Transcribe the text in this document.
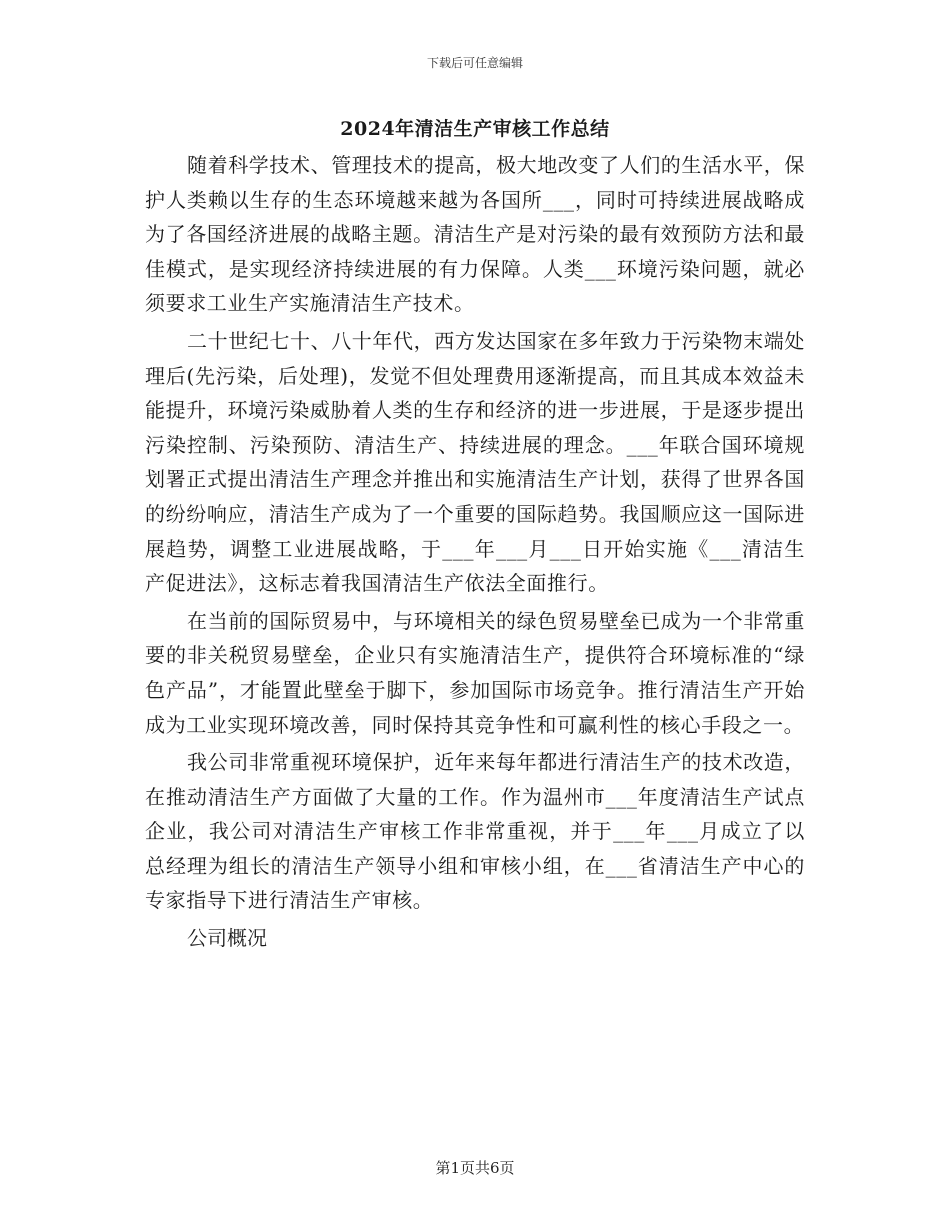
下载后可任意编辑
2024年清洁生产审核工作总结

随着科学技术、管理技术的提高，极大地改变了人们的生活水平，保护人类赖以生存的生态环境越来越为各国所___，同时可持续进展战略成为了各国经济进展的战略主题。清洁生产是对污染的最有效预防方法和最佳模式，是实现经济持续进展的有力保障。人类___环境污染问题，就必须要求工业生产实施清洁生产技术。

二十世纪七十、八十年代，西方发达国家在多年致力于污染物末端处理后(先污染，后处理)，发觉不但处理费用逐渐提高，而且其成本效益未能提升，环境污染威胁着人类的生存和经济的进一步进展，于是逐步提出污染控制、污染预防、清洁生产、持续进展的理念。___年联合国环境规划署正式提出清洁生产理念并推出和实施清洁生产计划，获得了世界各国的纷纷响应，清洁生产成为了一个重要的国际趋势。我国顺应这一国际进展趋势，调整工业进展战略，于___年___月___日开始实施《___清洁生产促进法》，这标志着我国清洁生产依法全面推行。

在当前的国际贸易中，与环境相关的绿色贸易壁垒已成为一个非常重要的非关税贸易壁垒，企业只有实施清洁生产，提供符合环境标准的“绿色产品”，才能置此壁垒于脚下，参加国际市场竞争。推行清洁生产开始成为工业实现环境改善，同时保持其竞争性和可赢利性的核心手段之一。

我公司非常重视环境保护，近年来每年都进行清洁生产的技术改造，在推动清洁生产方面做了大量的工作。作为温州市___年度清洁生产试点企业，我公司对清洁生产审核工作非常重视，并于___年___月成立了以总经理为组长的清洁生产领导小组和审核小组，在___省清洁生产中心的专家指导下进行清洁生产审核。

公司概况

第1页共6页
